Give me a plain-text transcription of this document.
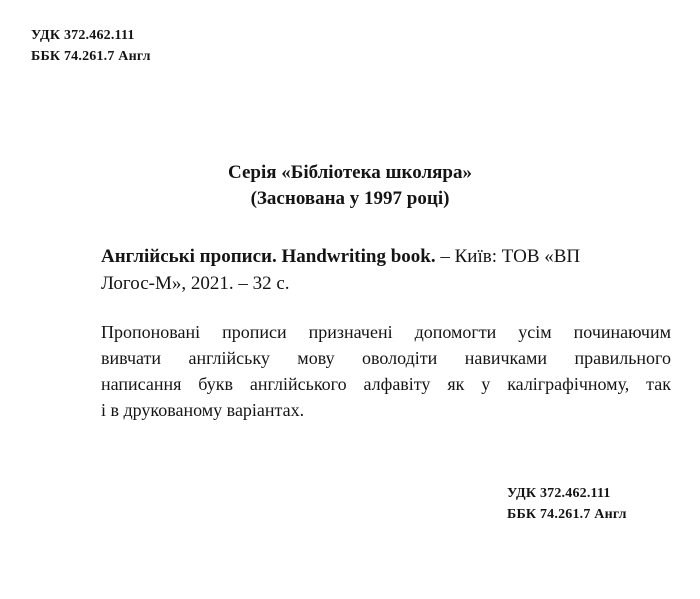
УДК 372.462.111
ББК 74.261.7 Англ
Серія «Бібліотека школяра»
(Заснована у 1997 році)
Англійські прописи. Handwriting book. – Київ: ТОВ «ВП
Логос-М», 2021. – 32 с.
Пропоновані прописи призначені допомогти усім починаючим
вивчати англійську мову оволодіти навичками правильного
написання букв англійського алфавіту як у каліграфічному, так
і в друкованому варіантах.
УДК 372.462.111
ББК 74.261.7 Англ
